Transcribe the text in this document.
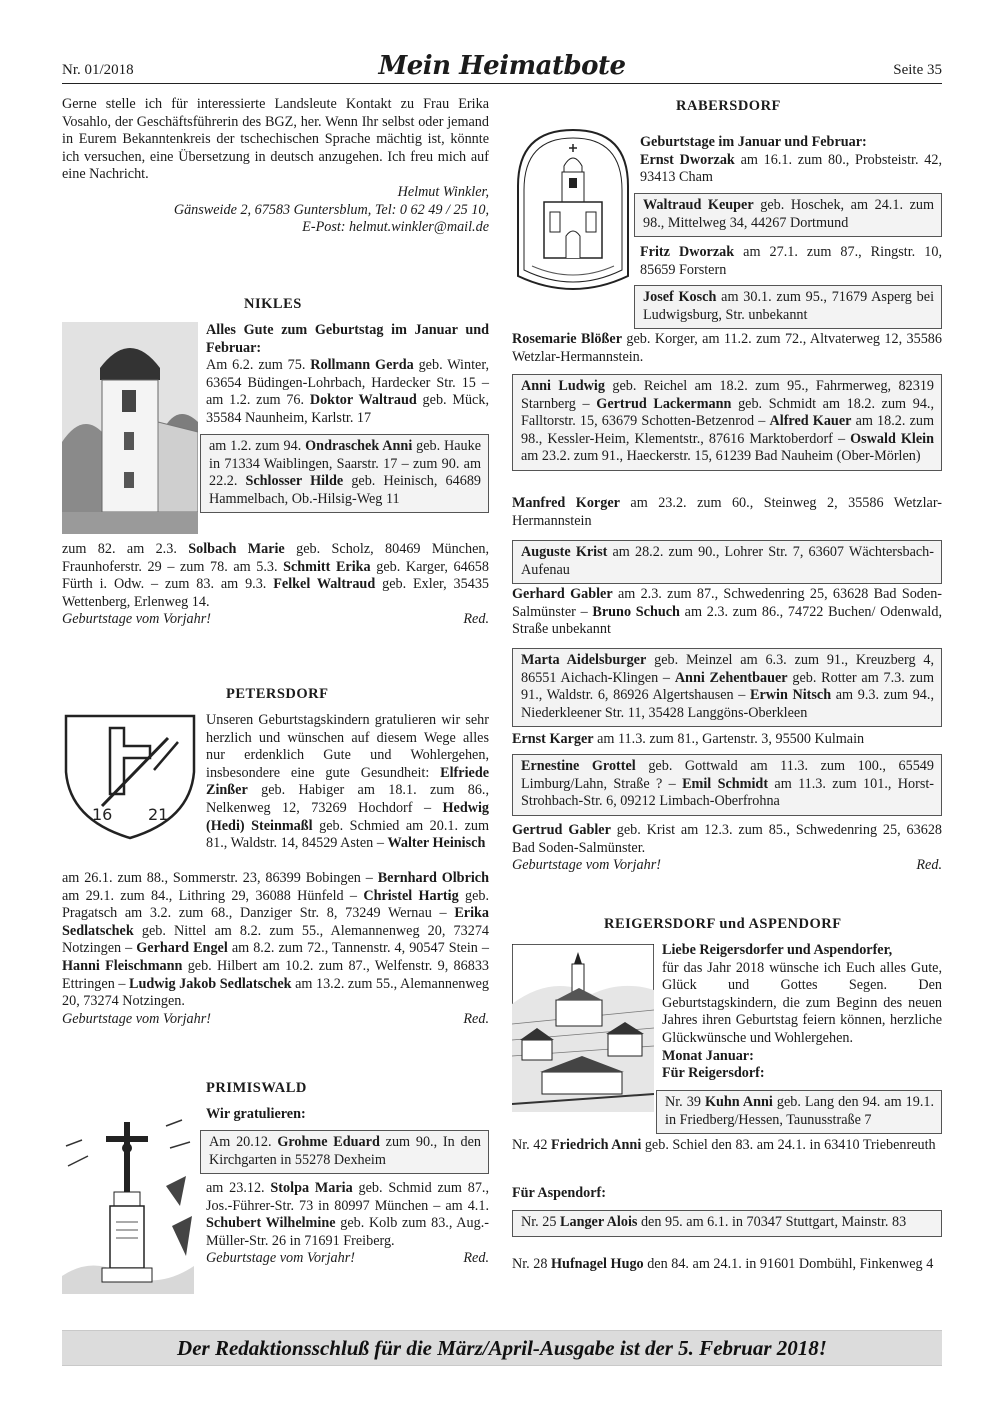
Nr. 01/2018	Mein Heimatbote	Seite 35
Gerne stelle ich für interessierte Landsleute Kontakt zu Frau Erika Vosahlo, der Geschäftsführerin des BGZ, her. Wenn Ihr selbst oder jemand in Eurem Bekanntenkreis der tschechischen Sprache mächtig ist, könnte ich versuchen, eine Übersetzung in deutsch anzugehen. Ich freu mich auf eine Nachricht.
Helmut Winkler,
Gänsweide 2, 67583 Guntersblum, Tel: 0 62 49 / 25 10,
E-Post: helmut.winkler@mail.de
NIKLES
Alles Gute zum Geburtstag im Januar und Februar:
Am 6.2. zum 75. Rollmann Gerda geb. Winter, 63654 Büdingen-Lohrbach, Hardecker Str. 15 – am 1.2. zum 76. Doktor Waltraud geb. Mück, 35584 Naunheim, Karlstr. 17
am 1.2. zum 94. Ondraschek Anni geb. Hauke in 71334 Waiblingen, Saarstr. 17 – zum 90. am 22.2. Schlosser Hilde geb. Heinisch, 64689 Hammelbach, Ob.-Hilsig-Weg 11
zum 82. am 2.3. Solbach Marie geb. Scholz, 80469 München, Fraunhoferstr. 29 – zum 78. am 5.3. Schmitt Erika geb. Karger, 64658 Fürth i. Odw. – zum 83. am 9.3. Felkel Waltraud geb. Exler, 35435 Wettenberg, Erlenweg 14.
Geburtstage vom Vorjahr!	Red.
PETERSDORF
16 21
Unseren Geburtstagskindern gratulieren wir sehr herzlich und wünschen auf diesem Wege alles nur erdenklich Gute und Wohlergehen, insbesondere eine gute Gesundheit: Elfriede Zinßer geb. Habiger am 18.1. zum 86., Nelkenweg 12, 73269 Hochdorf – Hedwig (Hedi) Steinmaßl geb. Schmied am 20.1. zum 81., Waldstr. 14, 84529 Asten – Walter Heinisch
am 26.1. zum 88., Sommerstr. 23, 86399 Bobingen – Bernhard Olbrich am 29.1. zum 84., Lithring 29, 36088 Hünfeld – Christel Hartig geb. Pragatsch am 3.2. zum 68., Danziger Str. 8, 73249 Wernau – Erika Sedlatschek geb. Nittel am 8.2. zum 55., Alemannenweg 20, 73274 Notzingen – Gerhard Engel am 8.2. zum 72., Tannenstr. 4, 90547 Stein – Hanni Fleischmann geb. Hilbert am 10.2. zum 87., Welfenstr. 9, 86833 Ettringen – Ludwig Jakob Sedlatschek am 13.2. zum 55., Alemannenweg 20, 73274 Notzingen.
Geburtstage vom Vorjahr!	Red.
PRIMISWALD
Wir gratulieren:
Am 20.12. Grohme Eduard zum 90., In den Kirchgarten in 55278 Dexheim
am 23.12. Stolpa Maria geb. Schmid zum 87., Jos.-Führer-Str. 73 in 80997 München – am 4.1. Schubert Wilhelmine geb. Kolb zum 83., Aug.-Müller-Str. 26 in 71691 Freiberg.
Geburtstage vom Vorjahr!	Red.
RABERSDORF
Geburtstage im Januar und Februar:
Ernst Dworzak am 16.1. zum 80., Probsteistr. 42, 93413 Cham
Waltraud Keuper geb. Hoschek, am 24.1. zum 98., Mittelweg 34, 44267 Dortmund
Fritz Dworzak am 27.1. zum 87., Ringstr. 10, 85659 Forstern
Josef Kosch am 30.1. zum 95., 71679 Asperg bei Ludwigsburg, Str. unbekannt
Rosemarie Blößer geb. Korger, am 11.2. zum 72., Altvaterweg 12, 35586 Wetzlar-Hermannstein.
Anni Ludwig geb. Reichel am 18.2. zum 95., Fahrmerweg, 82319 Starnberg – Gertrud Lackermann geb. Schmidt am 18.2. zum 94., Falltorstr. 15, 63679 Schotten-Betzenrod – Alfred Kauer am 18.2. zum 98., Kessler-Heim, Klementstr., 87616 Marktoberdorf – Oswald Klein am 23.2. zum 91., Haeckerstr. 15, 61239 Bad Nauheim (Ober-Mörlen)
Manfred Korger am 23.2. zum 60., Steinweg 2, 35586 Wetzlar-Hermannstein
Auguste Krist am 28.2. zum 90., Lohrer Str. 7, 63607 Wächtersbach-Aufenau
Gerhard Gabler am 2.3. zum 87., Schwedenring 25, 63628 Bad Soden-Salmünster – Bruno Schuch am 2.3. zum 86., 74722 Buchen/ Odenwald, Straße unbekannt
Marta Aidelsburger geb. Meinzel am 6.3. zum 91., Kreuzberg 4, 86551 Aichach-Klingen – Anni Zehentbauer geb. Rotter am 7.3. zum 91., Waldstr. 6, 86926 Algertshausen – Erwin Nitsch am 9.3. zum 94., Niederkleener Str. 11, 35428 Langgöns-Oberkleen
Ernst Karger am 11.3. zum 81., Gartenstr. 3, 95500 Kulmain
Ernestine Grottel geb. Gottwald am 11.3. zum 100., 65549 Limburg/Lahn, Straße ? – Emil Schmidt am 11.3. zum 101., Horst-Strohbach-Str. 6, 09212 Limbach-Oberfrohna
Gertrud Gabler geb. Krist am 12.3. zum 85., Schwedenring 25, 63628 Bad Soden-Salmünster.
Geburtstage vom Vorjahr!	Red.
REIGERSDORF und ASPENDORF
Liebe Reigersdorfer und Aspendorfer,
für das Jahr 2018 wünsche ich Euch alles Gute, Glück und Gottes Segen. Den Geburtstagskindern, die zum Beginn des neuen Jahres ihren Geburtstag feiern können, herzliche Glückwünsche und Wohlergehen.
Monat Januar:
Für Reigersdorf:
Nr. 39 Kuhn Anni geb. Lang den 94. am 19.1. in Friedberg/Hessen, Taunusstraße 7
Nr. 42 Friedrich Anni geb. Schiel den 83. am 24.1. in 63410 Triebenreuth
Für Aspendorf:
Nr. 25 Langer Alois den 95. am 6.1. in 70347 Stuttgart, Mainstr. 83
Nr. 28 Hufnagel Hugo den 84. am 24.1. in 91601 Dombühl, Finkenweg 4
Der Redaktionsschluß für die März/April-Ausgabe ist der 5. Februar 2018!
